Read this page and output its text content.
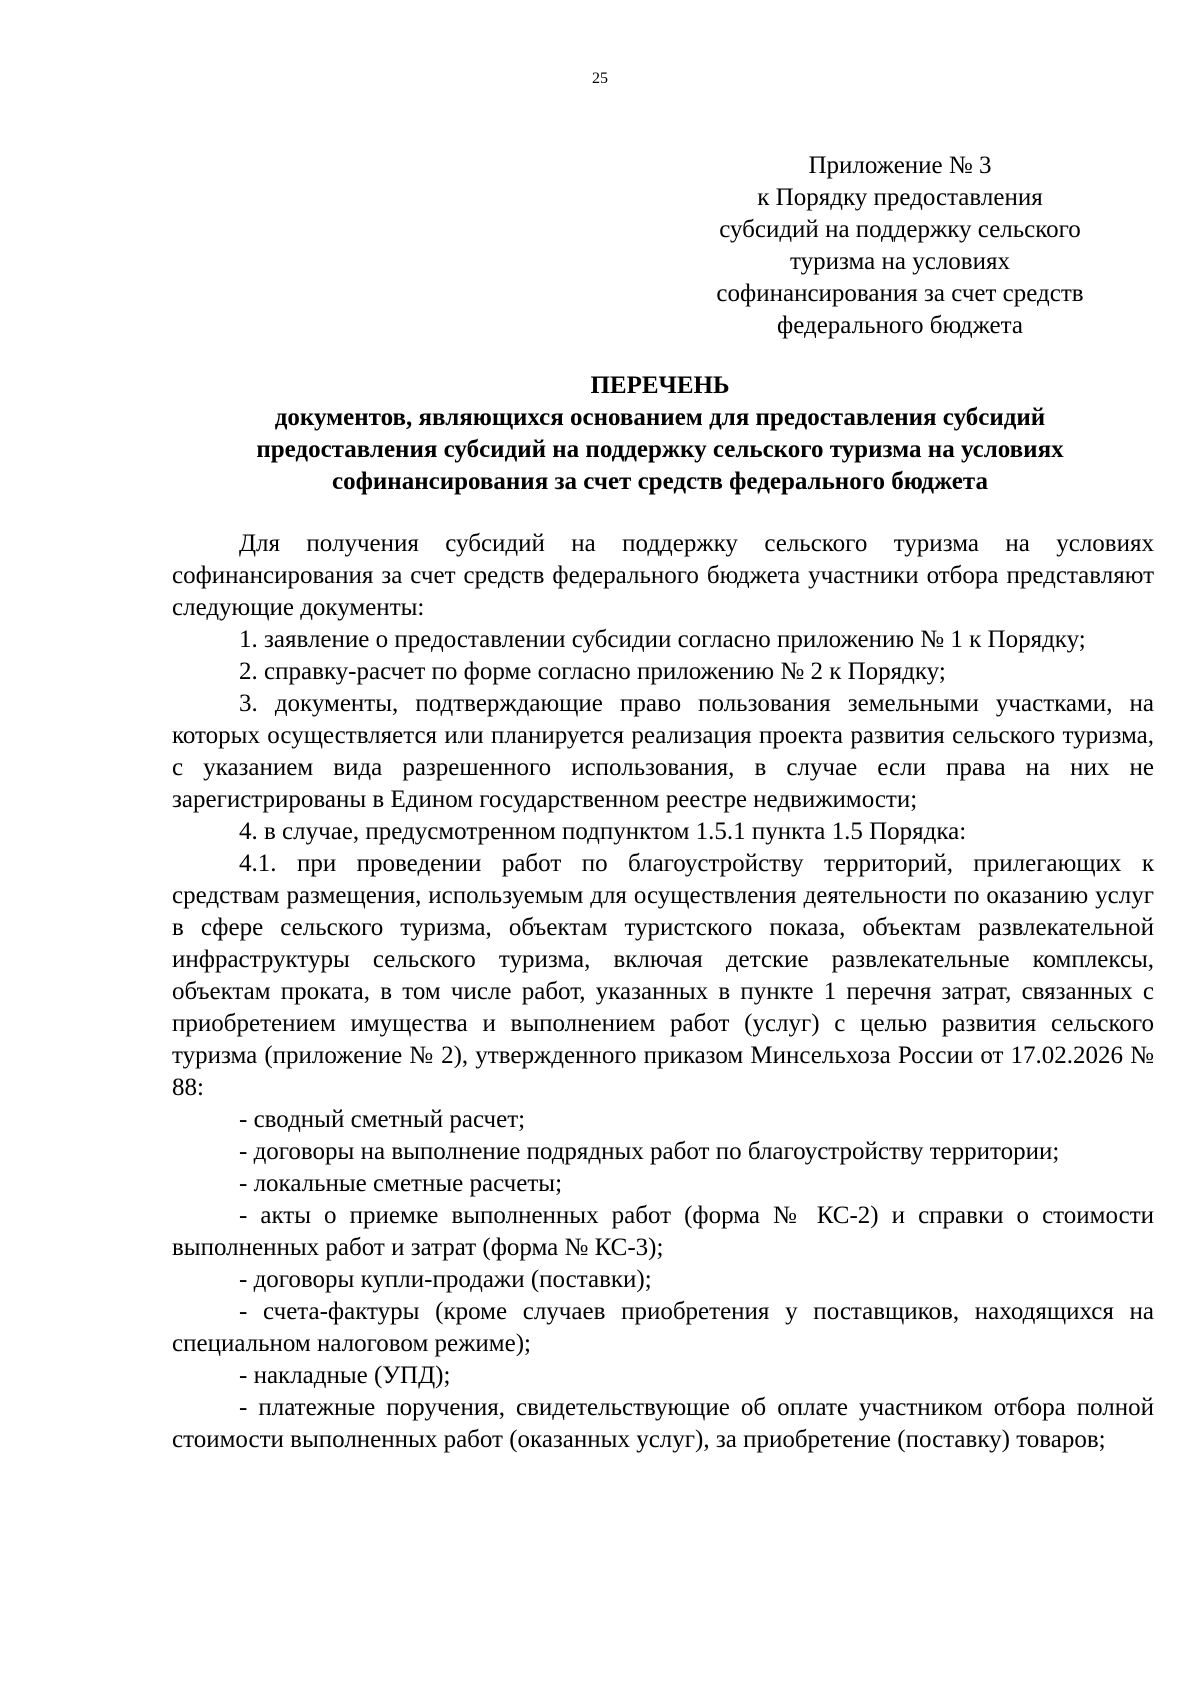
25
Приложение № 3
к Порядку предоставления
субсидий на поддержку сельского
туризма на условиях
софинансирования за счет средств
федерального бюджета
ПЕРЕЧЕНЬ
документов, являющихся основанием для предоставления субсидий
предоставления субсидий на поддержку сельского туризма на условиях
софинансирования за счет средств федерального бюджета

Для получения субсидий на поддержку сельского туризма на условиях софинансирования за счет средств федерального бюджета участники отбора представляют следующие документы:

1. заявление о предоставлении субсидии согласно приложению № 1 к Порядку;

2. справку-расчет по форме согласно приложению № 2 к Порядку;

3. документы, подтверждающие право пользования земельными участками, на которых осуществляется или планируется реализация проекта развития сельского туризма, с указанием вида разрешенного использования, в случае если права на них не зарегистрированы в Едином государственном реестре недвижимости;

4. в случае, предусмотренном подпунктом 1.5.1 пункта 1.5 Порядка:

4.1. при проведении работ по благоустройству территорий, прилегающих к средствам размещения, используемым для осуществления деятельности по оказанию услуг в сфере сельского туризма, объектам туристского показа, объектам развлекательной инфраструктуры сельского туризма, включая детские развлекательные комплексы, объектам проката, в том числе работ, указанных в пункте 1 перечня затрат, связанных с приобретением имущества и выполнением работ (услуг) с целью развития сельского туризма (приложение № 2), утвержденного приказом Минсельхоза России от 17.02.2026 № 88:

- сводный сметный расчет;

- договоры на выполнение подрядных работ по благоустройству территории;

- локальные сметные расчеты;

- акты о приемке выполненных работ (форма № КС-2) и справки о стоимости выполненных работ и затрат (форма № КС-3);

- договоры купли-продажи (поставки);

- счета-фактуры (кроме случаев приобретения у поставщиков, находящихся на специальном налоговом режиме);

- накладные (УПД);

- платежные поручения, свидетельствующие об оплате участником отбора полной стоимости выполненных работ (оказанных услуг), за приобретение (поставку) товаров;
